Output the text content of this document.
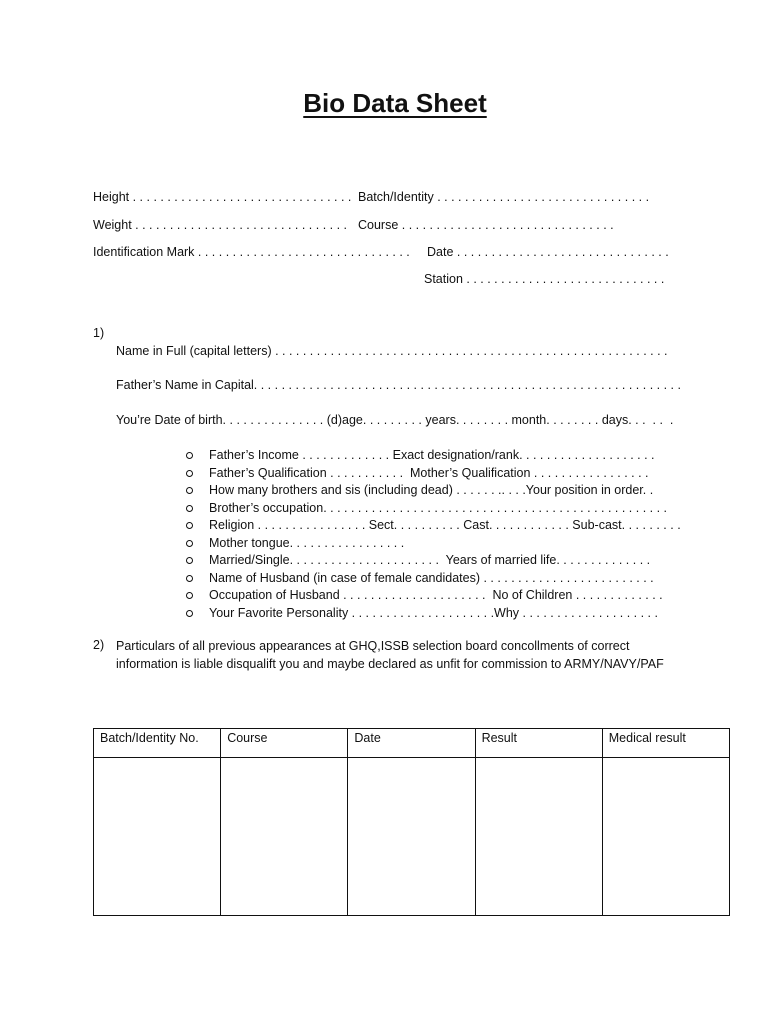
Bio Data Sheet
Height . . . . . . . . . . . . . . . . . . . . . . . . . . . . . . . . Batch/Identity . . . . . . . . . . . . . . . . . . . . . . . . . . . . . . .
Weight . . . . . . . . . . . . . . . . . . . . . . . . . . . . . . . Course . . . . . . . . . . . . . . . . . . . . . . . . . . . . . . .
Identification Mark . . . . . . . . . . . . . . . . . . . . . . . . . . . . . . . Date . . . . . . . . . . . . . . . . . . . . . . . . . . . . . . .
Station . . . . . . . . . . . . . . . . . . . . . . . . . . . . .
1)
Name in Full (capital letters) . . . . . . . . . . . . . . . . . . . . . . . . . . . . . . . . . . . . . . . . . . . . . . . . . . . . . . . . .
Father’s Name in Capital. . . . . . . . . . . . . . . . . . . . . . . . . . . . . . . . . . . . . . . . . . . . . . . . . . . . . . . . . . . . . .
You’re Date of birth. . . . . . . . . . . . . . . (d)age. . . . . . . . . years. . . . . . . . month. . . . . . . . days. . .  . .  .
Father’s Income . . . . . . . . . . . . . Exact designation/rank. . . . . . . . . . . . . . . . . . . .
Father’s Qualification . . . . . . . . . . .  Mother’s Qualification . . . . . . . . . . . . . . . . .
How many brothers and sis (including dead) . . . . . . .. . . .Your position in order. .
Brother’s occupation. . . . . . . . . . . . . . . . . . . . . . . . . . . . . . . . . . . . . . . . . . . . . . . . . .
Religion . . . . . . . . . . . . . . . . Sect. . . . . . . . . . Cast. . . . . . . . . . . . Sub-cast. . . . . . . . .
Mother tongue. . . . . . . . . . . . . . . . .
Married/Single. . . . . . . . . . . . . . . . . . . . . .  Years of married life. . . . . . . . . . . . . .
Name of Husband (in case of female candidates) . . . . . . . . . . . . . . . . . . . . . . . . .
Occupation of Husband . . . . . . . . . . . . . . . . . . . . .  No of Children . . . . . . . . . . . . .
Your Favorite Personality . . . . . . . . . . . . . . . . . . . . .Why . . . . . . . . . . . . . . . . . . . .
2) Particulars of all previous appearances at GHQ,ISSB selection board concollments of correct information is liable disqualift you and maybe declared as unfit for commission to ARMY/NAVY/PAF
Batch/Identity No.	Course	Date	Result	Medical result
